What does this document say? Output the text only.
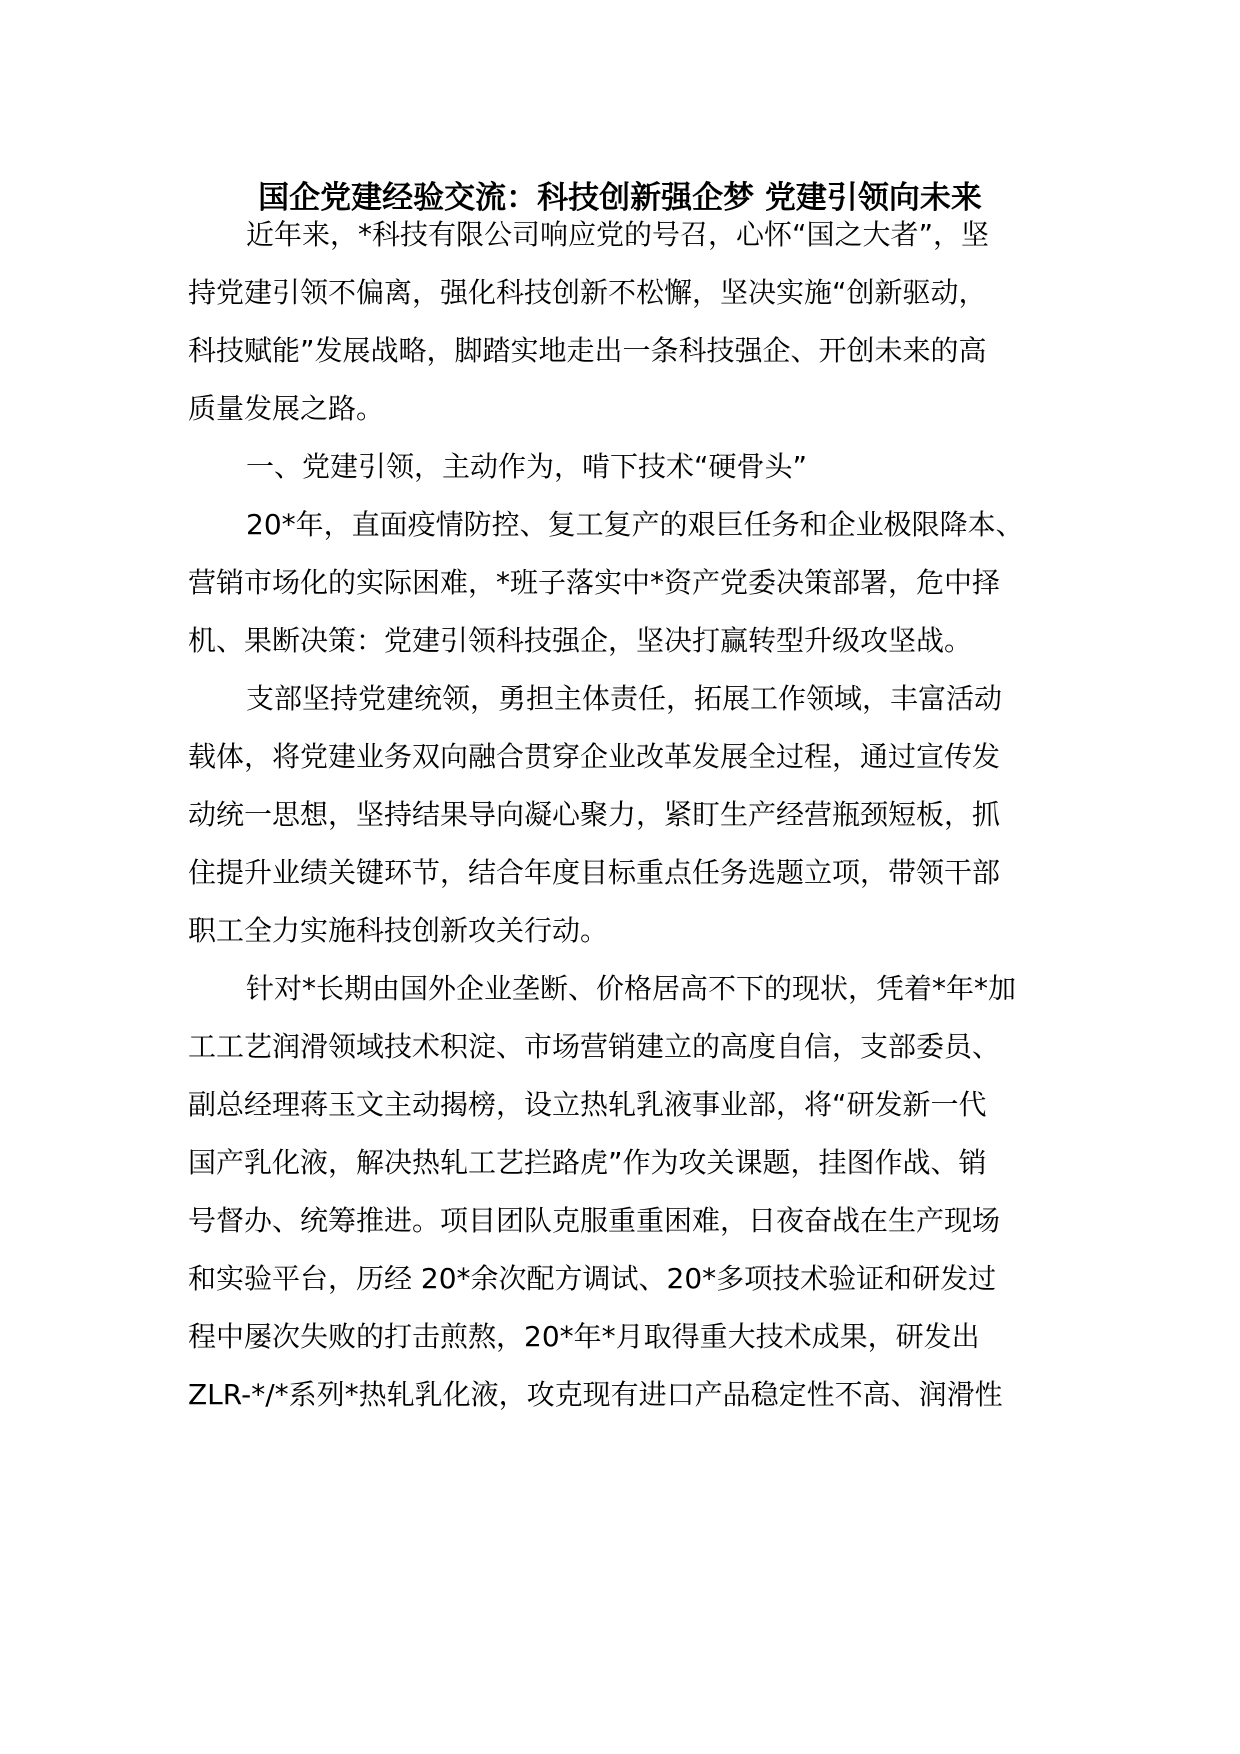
国企党建经验交流：科技创新强企梦 党建引领向未来
近年来，*科技有限公司响应党的号召，心怀“国之大者”，坚
持党建引领不偏离，强化科技创新不松懈，坚决实施“创新驱动，
科技赋能”发展战略，脚踏实地走出一条科技强企、开创未来的高
质量发展之路。
一、党建引领，主动作为，啃下技术“硬骨头”
20*年，直面疫情防控、复工复产的艰巨任务和企业极限降本、
营销市场化的实际困难，*班子落实中*资产党委决策部署，危中择
机、果断决策：党建引领科技强企，坚决打赢转型升级攻坚战。
支部坚持党建统领，勇担主体责任，拓展工作领域，丰富活动
载体，将党建业务双向融合贯穿企业改革发展全过程，通过宣传发
动统一思想，坚持结果导向凝心聚力，紧盯生产经营瓶颈短板，抓
住提升业绩关键环节，结合年度目标重点任务选题立项，带领干部
职工全力实施科技创新攻关行动。
针对*长期由国外企业垄断、价格居高不下的现状，凭着*年*加
工工艺润滑领域技术积淀、市场营销建立的高度自信，支部委员、
副总经理蒋玉文主动揭榜，设立热轧乳液事业部，将“研发新一代
国产乳化液，解决热轧工艺拦路虎”作为攻关课题，挂图作战、销
号督办、统筹推进。项目团队克服重重困难，日夜奋战在生产现场
和实验平台，历经 20*余次配方调试、20*多项技术验证和研发过
程中屡次失败的打击煎熬，20*年*月取得重大技术成果，研发出
ZLR-*/*系列*热轧乳化液，攻克现有进口产品稳定性不高、润滑性
